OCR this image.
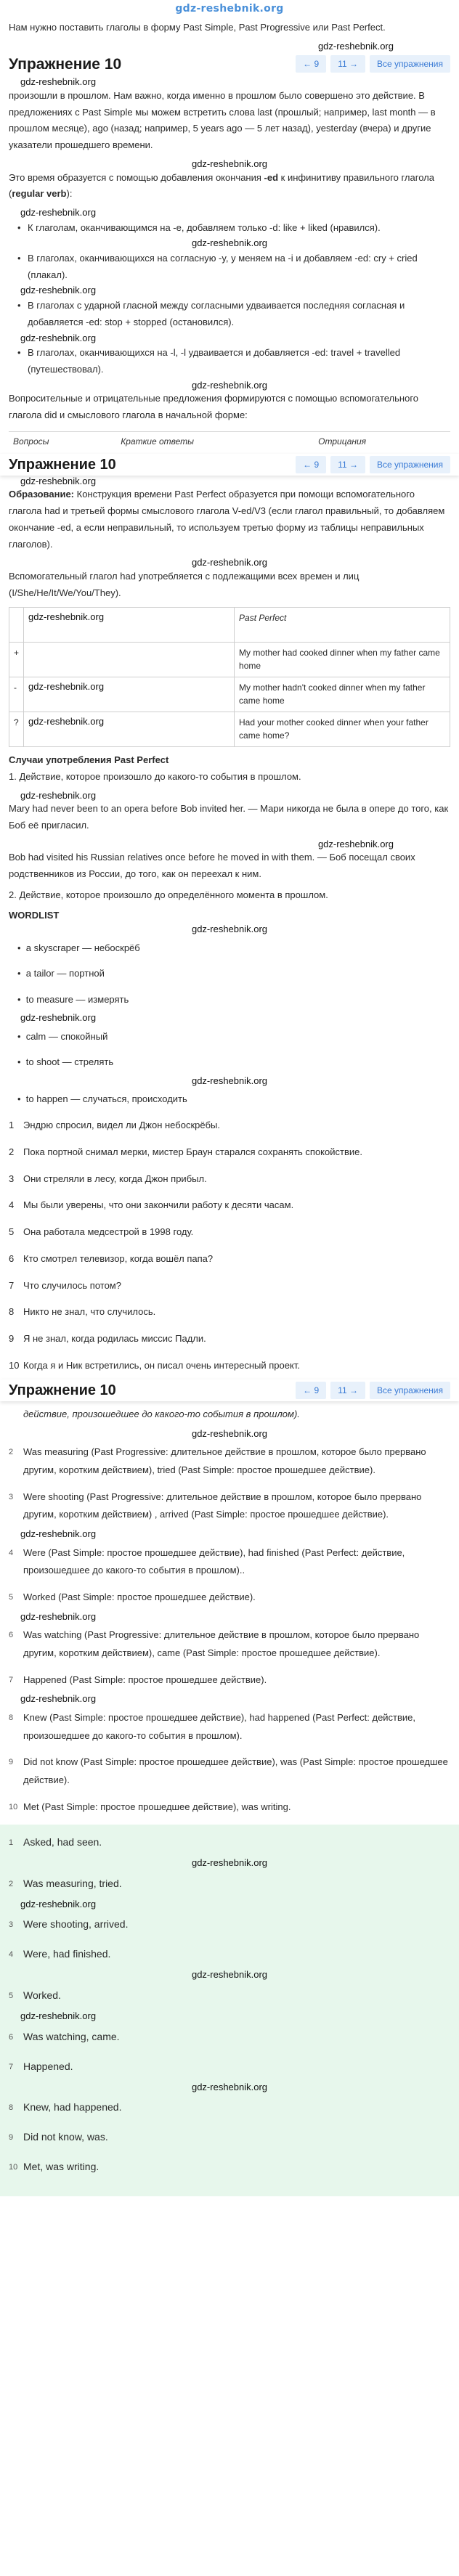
gdz-reshebnik.org
Нам нужно поставить глаголы в форму Past Simple, Past Progressive или Past Perfect.
gdz-reshebnik.org
Упражнение 10	← 9	11 →	Все упражнения
gdz-reshebnik.org
произошли в прошлом. Нам важно, когда именно в прошлом было совершено это действие. В предложениях с Past Simple мы можем встретить слова last (прошлый; например, last month — в прошлом месяце), ago (назад; например, 5 years ago — 5 лет назад), yesterday (вчера) и другие указатели прошедшего времени.
gdz-reshebnik.org
Это время образуется с помощью добавления окончания -ed к инфинитиву правильного глагола (regular verb):
gdz-reshebnik.org
• К глаголам, оканчивающимся на -e, добавляем только -d: like + liked (нравился).
gdz-reshebnik.org
• В глаголах, оканчивающихся на согласную -y, у меняем на -i и добавляем -ed: cry + cried (плакал).
gdz-reshebnik.org
• В глаголах с ударной гласной между согласными удваивается последняя согласная и добавляется -ed: stop + stopped (остановился).
gdz-reshebnik.org
• В глаголах, оканчивающихся на -l, -l удваивается и добавляется -ed: travel + travelled (путешествовал).
gdz-reshebnik.org
Вопросительные и отрицательные предложения формируются с помощью вспомогательного глагола did и смыслового глагола в начальной форме:
Вопросы	Краткие ответы	Отрицания
Упражнение 10	← 9	11 →	Все упражнения
gdz-reshebnik.org
Образование: Конструкция времени Past Perfect образуется при помощи вспомогательного глагола had и третьей формы смыслового глагола V-ed/V3 (если глагол правильный, то добавляем окончание -ed, а если неправильный, то используем третью форму из таблицы неправильных глаголов).
gdz-reshebnik.org
Вспомогательный глагол had употребляется с подлежащими всех времен и лиц (I/She/He/It/We/You/They).

	gdz-reshebnik.org	Past Perfect
+		My mother had cooked dinner when my father came home
-	gdz-reshebnik.org	My mother hadn't cooked dinner when my father came home
?	gdz-reshebnik.org	Had your mother cooked dinner when your father came home?
Случаи употребления Past Perfect
1. Действие, которое произошло до какого-то события в прошлом.
gdz-reshebnik.org
Mary had never been to an opera before Bob invited her. — Мари никогда не была в опере до того, как Боб её пригласил.
gdz-reshebnik.org
Bob had visited his Russian relatives once before he moved in with them. — Боб посещал своих родственников из России, до того, как он переехал к ним.
2. Действие, которое произошло до определённого момента в прошлом.
WORDLIST
gdz-reshebnik.org
•  a skyscraper — небоскрёб
•  a tailor — портной
•  to measure — измерять
gdz-reshebnik.org
•  calm — спокойный
•  to shoot — стрелять
gdz-reshebnik.org
•  to happen — случаться, происходить
1 Эндрю спросил, видел ли Джон небоскрёбы.
2 Пока портной снимал мерки, мистер Браун старался сохранять спокойствие.
3 Они стреляли в лесу, когда Джон прибыл.
4 Мы были уверены, что они закончили работу к десяти часам.
5 Она работала медсестрой в 1998 году.
6 Кто смотрел телевизор, когда вошёл папа?
7 Что случилось потом?
8 Никто не знал, что случилось.
9 Я не знал, когда родилась миссис Падли.
10 Когда я и Ник встретились, он писал очень интересный проект.
Упражнение 10	← 9	11 →	Все упражнения
действие, произошедшее до какого-то события в прошлом).
gdz-reshebnik.org
2	Was measuring (Past Progressive: длительное действие в прошлом, которое было прервано другим, коротким действием), tried (Past Simple: простое прошедшее действие).
3	Were shooting (Past Progressive: длительное действие в прошлом, которое было прервано другим, коротким действием) , arrived (Past Simple: простое прошедшее действие).
gdz-reshebnik.org
4	Were (Past Simple: простое прошедшее действие), had finished (Past Perfect: действие, произошедшее до какого-то события в прошлом)..
5	Worked (Past Simple: простое прошедшее действие).
gdz-reshebnik.org
6	Was watching (Past Progressive: длительное действие в прошлом, которое было прервано другим, коротким действием), came (Past Simple: простое прошедшее действие).
7	Happened (Past Simple: простое прошедшее действие).
gdz-reshebnik.org
8	Knew (Past Simple: простое прошедшее действие), had happened (Past Perfect: действие, произошедшее до какого-то события в прошлом).
9	Did not know (Past Simple: простое прошедшее действие), was (Past Simple: простое прошедшее действие).
10 Met (Past Simple: простое прошедшее действие), was writing.
1 Asked, had seen.
gdz-reshebnik.org
2 Was measuring, tried.
gdz-reshebnik.org
3 Were shooting, arrived.
4 Were, had finished.
gdz-reshebnik.org
5 Worked.
gdz-reshebnik.org
6 Was watching, came.
7 Happened.
gdz-reshebnik.org
8 Knew, had happened.
9 Did not know, was.
10 Met, was writing.
